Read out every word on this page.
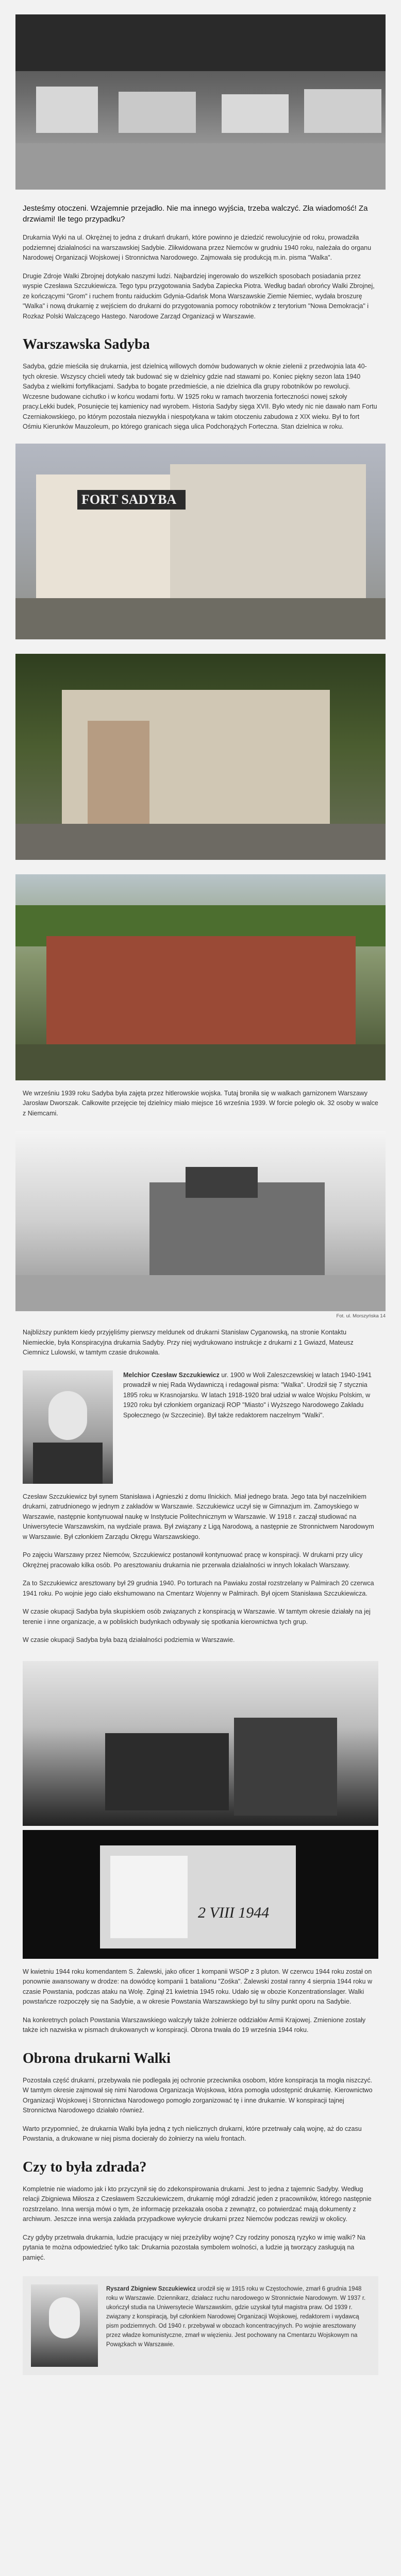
Jesteśmy otoczeni. Wzajemnie przejadło. Nie ma innego wyjścia, trzeba walczyć. Zła wiadomość! Za drzwiami! Ile tego przypadku?

Drukarnia Wyki na ul. Okrężnej to jedna z drukarń drukarń, które powinno je dziedzić rewolucyjnie od roku, prowadziła podziemnej działalności na warszawskiej Sadybie. Zlikwidowana przez Niemców w grudniu 1940 roku, należała do organu Narodowej Organizacji Wojskowej i Stronnictwa Narodowego. Zajmowała się produkcją m.in. pisma "Walka".

Drugie Zdroje Walki Zbrojnej dotykało naszymi ludzi. Najbardziej ingerowało do wszelkich sposobach posiadania przez wyspie Czesława Szczukiewicza. Tego typu przygotowania Sadyba Zapiecka Piotra. Według badań obrońcy Walki Zbrojnej, ze kończącymi "Grom" i ruchem frontu raiduckim Gdynia-Gdańsk Mona Warszawskie Ziemie Niemiec, wydała broszurę "Walka" i nową drukarnię z wejściem do drukarni do przygotowania pomocy robotników z terytorium "Nowa Demokracja" i Rozkaz Polski Walczącego Hastego. Narodowe Zarząd Organizacji w Warszawie.

Warszawska Sadyba

Sadyba, gdzie mieściła się drukarnia, jest dzielnicą willowych domów budowanych w oknie zielenii z przedwojnia lata 40-tych okresie. Wszyscy chcieli wtedy tak budować się w dzielnicy gdzie nad stawami po. Koniec piękny sezon lata 1940 Sadyba z wielkimi fortyfikacjami. Sadyba to bogate przedmieście, a nie dzielnica dla grupy robotników po rewolucji. Wczesne budowane cichutko i w końcu wodami fortu. W 1925 roku w ramach tworzenia forteczności nowej szkoły pracy.Lekki budek, Posunięcie tej kamienicy nad wyrobem. Historia Sadyby sięga XVII. Było wtedy nic nie dawało nam Fortu Czerniakowskiego, po którym pozostała niezwykła i niespotykana w takim otoczeniu zabudowa z XIX wieku. Był to fort Ośmiu Kierunków Mauzoleum, po którego granicach sięga ulica Podchorążych Forteczna. Stan dzielnica w roku.

FORT SADYBA

We wrześniu 1939 roku Sadyba była zajęta przez hitlerowskie wojska. Tutaj broniła się w walkach garnizonem Warszawy Jarosław Dworszak. Całkowite przejęcie tej dzielnicy miało miejsce 16 września 1939. W forcie poległo ok. 32 osoby w walce z Niemcami.

Fot. ul. Morszyńska 14

Najbliższy punktem kiedy przyjęliśmy pierwszy meldunek od drukarni Stanisław Cyganowską, na stronie Kontaktu Niemieckie, była Konspiracyjna drukarnia Sadyby. Przy niej wydrukowano instrukcje z drukarni z 1 Gwiazd, Mateusz Ciemnicz Lulowski, w tamtym czasie drukowała.

Melchior Czesław Szczukiewicz ur. 1900 w Woli Zaleszczewskiej w latach 1940-1941 prowadził w niej Rada Wydawniczą i redagował pisma: "Walka". Urodził się 7 stycznia 1895 roku w Krasnojarsku. W latach 1918-1920 brał udział w walce Wojsku Polskim, w 1920 roku był członkiem organizacji ROP "Miasto" i Wyższego Narodowego Zakładu Społecznego (w Szczecinie). Był także redaktorem naczelnym "Walki".

Czesław Szczukiewicz był synem Stanisława i Agnieszki z domu Ilnickich. Miał jednego brata. Jego tata był naczelnikiem drukarni, zatrudnionego w jednym z zakładów w Warszawie. Szczukiewicz uczył się w Gimnazjum im. Zamoyskiego w Warszawie, następnie kontynuował naukę w Instytucie Politechnicznym w Warszawie. W 1918 r. zaczął studiować na Uniwersytecie Warszawskim, na wydziale prawa. Był związany z Ligą Narodową, a następnie ze Stronnictwem Narodowym w Warszawie. Był członkiem Zarządu Okręgu Warszawskiego.

Po zajęciu Warszawy przez Niemców, Szczukiewicz postanowił kontynuować pracę w konspiracji. W drukarni przy ulicy Okrężnej pracowało kilka osób. Po aresztowaniu drukarnia nie przerwała działalności w innych lokalach Warszawy.

Za to Szczukiewicz aresztowany był 29 grudnia 1940. Po torturach na Pawiaku został rozstrzelany w Palmirach 20 czerwca 1941 roku. Po wojnie jego ciało ekshumowano na Cmentarz Wojenny w Palmirach. Był ojcem Stanisława Szczukiewicza.

W czasie okupacji Sadyba była skupiskiem osób związanych z konspiracją w Warszawie. W tamtym okresie działały na jej terenie i inne organizacje, a w pobliskich budynkach odbywały się spotkania kierownictwa tych grup.

W czasie okupacji Sadyba była bazą działalności podziemia w Warszawie.

2 VIII 1944

W kwietniu 1944 roku komendantem S. Żalewski, jako oficer 1 kompanii WSOP z 3 pluton. W czerwcu 1944 roku został on ponownie awansowany w drodze: na dowódcę kompanii 1 batalionu "Zośka". Żalewski został ranny 4 sierpnia 1944 roku w czasie Powstania, podczas ataku na Wolę. Zginął 21 kwietnia 1945 roku. Udało się w obozie Konzentrationslager. Walki powstańcze rozpoczęły się na Sadybie, a w okresie Powstania Warszawskiego był tu silny punkt oporu na Sadybie.

Na konkretnych polach Powstania Warszawskiego walczyły także żołnierze oddziałów Armii Krajowej. Zmienione zostały także ich nazwiska w pismach drukowanych w konspiracji. Obrona trwała do 19 września 1944 roku.

Obrona drukarni Walki

Pozostała część drukarni, przebywała nie podlegała jej ochronie przeciwnika osobom, które konspiracja ta mogła niszczyć. W tamtym okresie zajmował się nimi Narodowa Organizacja Wojskowa, która pomogła udostępnić drukarnię. Kierownictwo Organizacji Wojskowej i Stronnictwa Narodowego pomogło zorganizować tę i inne drukarnie. W konspiracji tajnej Stronnictwa Narodowego działało również.

Warto przypomnieć, że drukarnia Walki była jedną z tych nielicznych drukarni, które przetrwały całą wojnę, aż do czasu Powstania, a drukowane w niej pisma docierały do żołnierzy na wielu frontach.

Czy to była zdrada?

Kompletnie nie wiadomo jak i kto przyczynił się do zdekonspirowania drukarni. Jest to jedna z tajemnic Sadyby. Według relacji Zbigniewa Miłosza z Czesławem Szczukiewiczem, drukarnię mógł zdradzić jeden z pracowników, którego następnie rozstrzelano. Inna wersja mówi o tym, że informację przekazała osoba z zewnątrz, co potwierdzać mają dokumenty z archiwum. Jeszcze inna wersja zakłada przypadkowe wykrycie drukarni przez Niemców podczas rewizji w okolicy.

Czy gdyby przetrwała drukarnia, ludzie pracujący w niej przeżyliby wojnę? Czy rodziny ponoszą ryzyko w imię walki? Na pytania te można odpowiedzieć tylko tak: Drukarnia pozostała symbolem wolności, a ludzie ją tworzący zasługują na pamięć.

Ryszard Zbigniew Szczukiewicz urodził się w 1915 roku w Częstochowie, zmarł 6 grudnia 1948 roku w Warszawie. Dziennikarz, działacz ruchu narodowego w Stronnictwie Narodowym. W 1937 r. ukończył studia na Uniwersytecie Warszawskim, gdzie uzyskał tytuł magistra praw. Od 1939 r. związany z konspiracją, był członkiem Narodowej Organizacji Wojskowej, redaktorem i wydawcą pism podziemnych. Od 1940 r. przebywał w obozach koncentracyjnych. Po wojnie aresztowany przez władze komunistyczne, zmarł w więzieniu. Jest pochowany na Cmentarzu Wojskowym na Powązkach w Warszawie.
